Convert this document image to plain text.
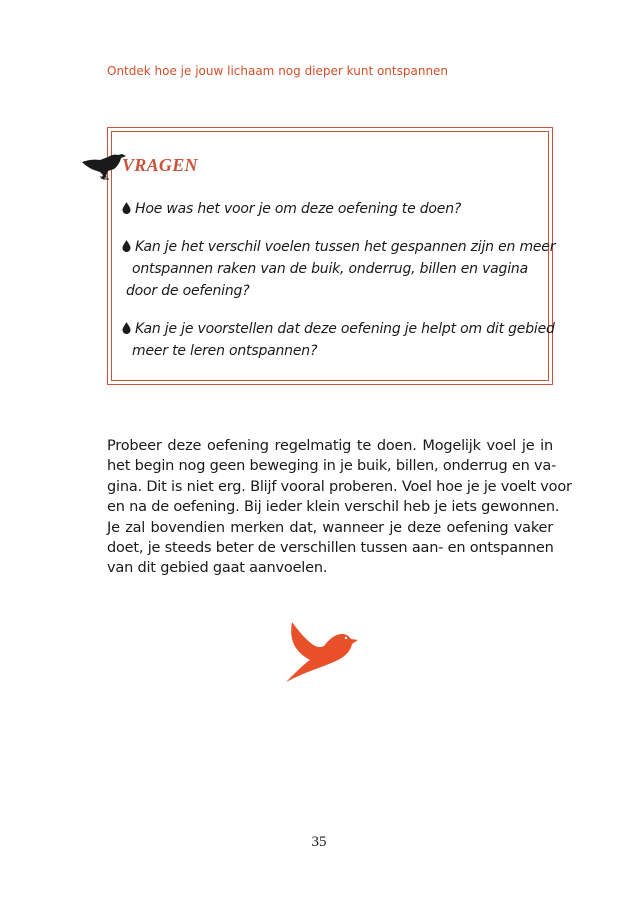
Ontdek hoe je jouw lichaam nog dieper kunt ontspannen
VRAGEN
Hoe was het voor je om deze oefening te doen?
Kan je het verschil voelen tussen het gespannen zijn en meer
ontspannen raken van de buik, onderrug, billen en vagina
door de oefening?
Kan je je voorstellen dat deze oefening je helpt om dit gebied
meer te leren ontspannen?
Probeer deze oefening regelmatig te doen. Mogelijk voel je in
het begin nog geen beweging in je buik, billen, onderrug en va-
gina. Dit is niet erg. Blijf vooral proberen. Voel hoe je je voelt voor
en na de oefening. Bij ieder klein verschil heb je iets gewonnen.
Je zal bovendien merken dat, wanneer je deze oefening vaker
doet, je steeds beter de verschillen tussen aan- en ontspannen
van dit gebied gaat aanvoelen.
35
